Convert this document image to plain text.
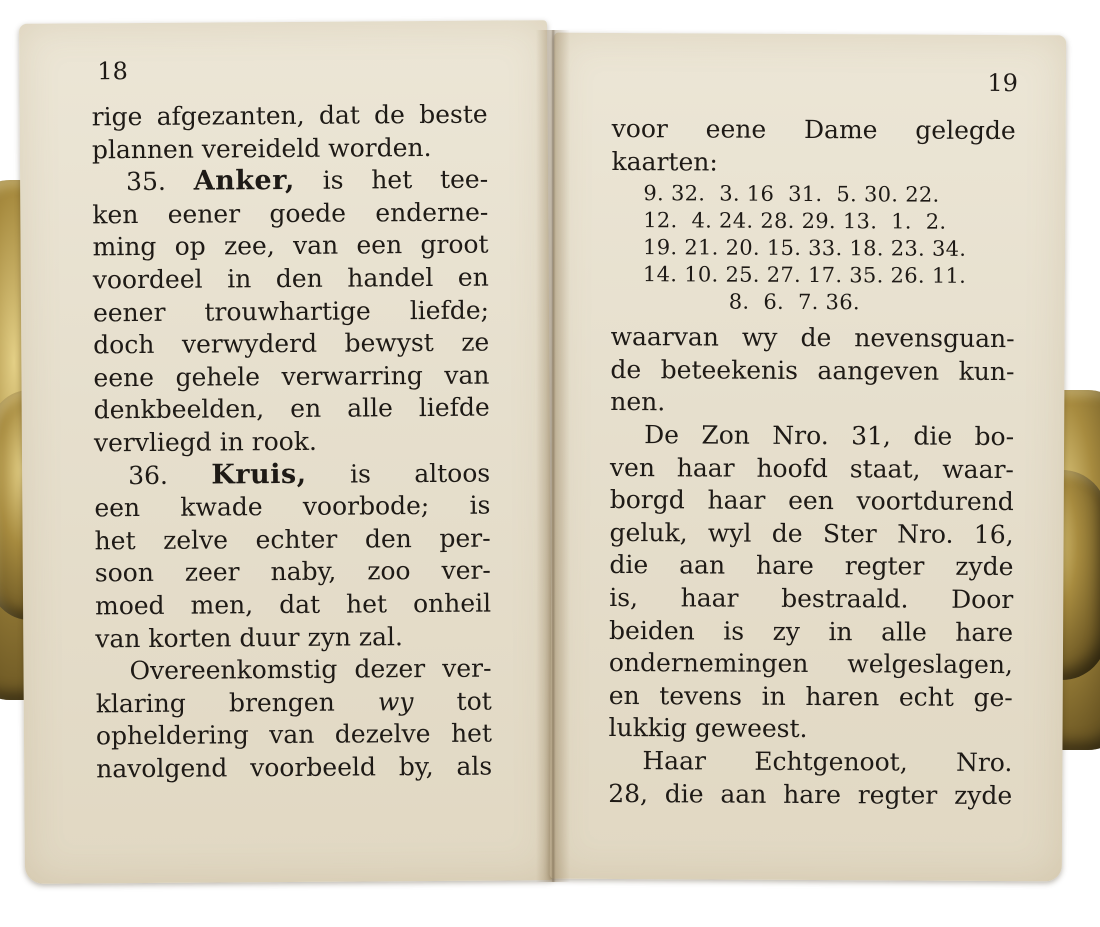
18
rige afgezanten, dat de beste
plannen vereideld worden.
35. Anker, is het tee-
ken eener goede enderne-
ming op zee, van een groot
voordeel in den handel en
eener trouwhartige liefde;
doch verwyderd bewyst ze
eene gehele verwarring van
denkbeelden, en alle liefde
vervliegd in rook.
36. Kruis, is altoos
een kwade voorbode; is
het zelve echter den per-
soon zeer naby, zoo ver-
moed men, dat het onheil
van korten duur zyn zal.
Overeenkomstig dezer ver-
klaring brengen wy tot
opheldering van dezelve het
navolgend voorbeeld by, als
19
voor eene Dame gelegde
kaarten:
9. 32.  3. 16  31.  5. 30. 22.
12.  4. 24. 28. 29. 13.  1.  2.
19. 21. 20. 15. 33. 18. 23. 34.
14. 10. 25. 27. 17. 35. 26. 11.
8.  6.  7. 36.
waarvan wy de nevensguan-
de beteekenis aangeven kun-
nen.
De Zon Nro. 31, die bo-
ven haar hoofd staat, waar-
borgd haar een voortdurend
geluk, wyl de Ster Nro. 16,
die aan hare regter zyde
is, haar bestraald. Door
beiden is zy in alle hare
ondernemingen welgeslagen,
en tevens in haren echt ge-
lukkig geweest.
Haar Echtgenoot, Nro.
28, die aan hare regter zyde
